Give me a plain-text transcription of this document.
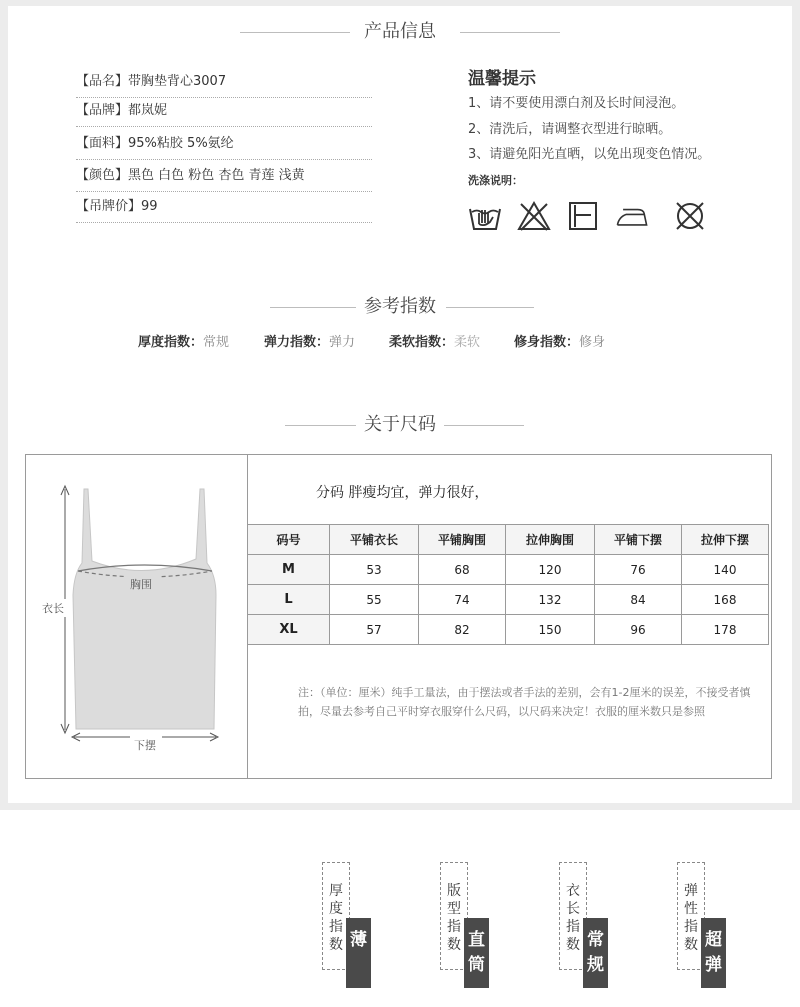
产品信息
【品名】带胸垫背心3007
【品牌】都岚妮
【面料】95%粘胶 5%氨纶
【颜色】黑色 白色 粉色 杏色 青莲 浅黄
【吊牌价】99
温馨提示
1、请不要使用漂白剂及长时间浸泡。
2、清洗后，请调整衣型进行晾晒。
3、请避免阳光直晒，以免出现变色情况。
洗涤说明：
参考指数
厚度指数：常规	弹力指数：弹力	柔软指数：柔软	修身指数：修身
关于尺码
衣长
胸围
下摆
分码 胖瘦均宜，弹力很好，
码号	平铺衣长	平铺胸围	拉伸胸围	平铺下摆	拉伸下摆
M	53	68	120	76	140
L	55	74	132	84	168
XL	57	82	150	96	178
注：（单位：厘米）纯手工量法，由于摆法或者手法的差别，会有1-2厘米的误差，不接受者慎拍，尽量去参考自己平时穿衣服穿什么尺码，以尺码来决定！衣服的厘米数只是参照
厚度指数 薄
版型指数 直筒
衣长指数 常规
弹性指数 超弹
